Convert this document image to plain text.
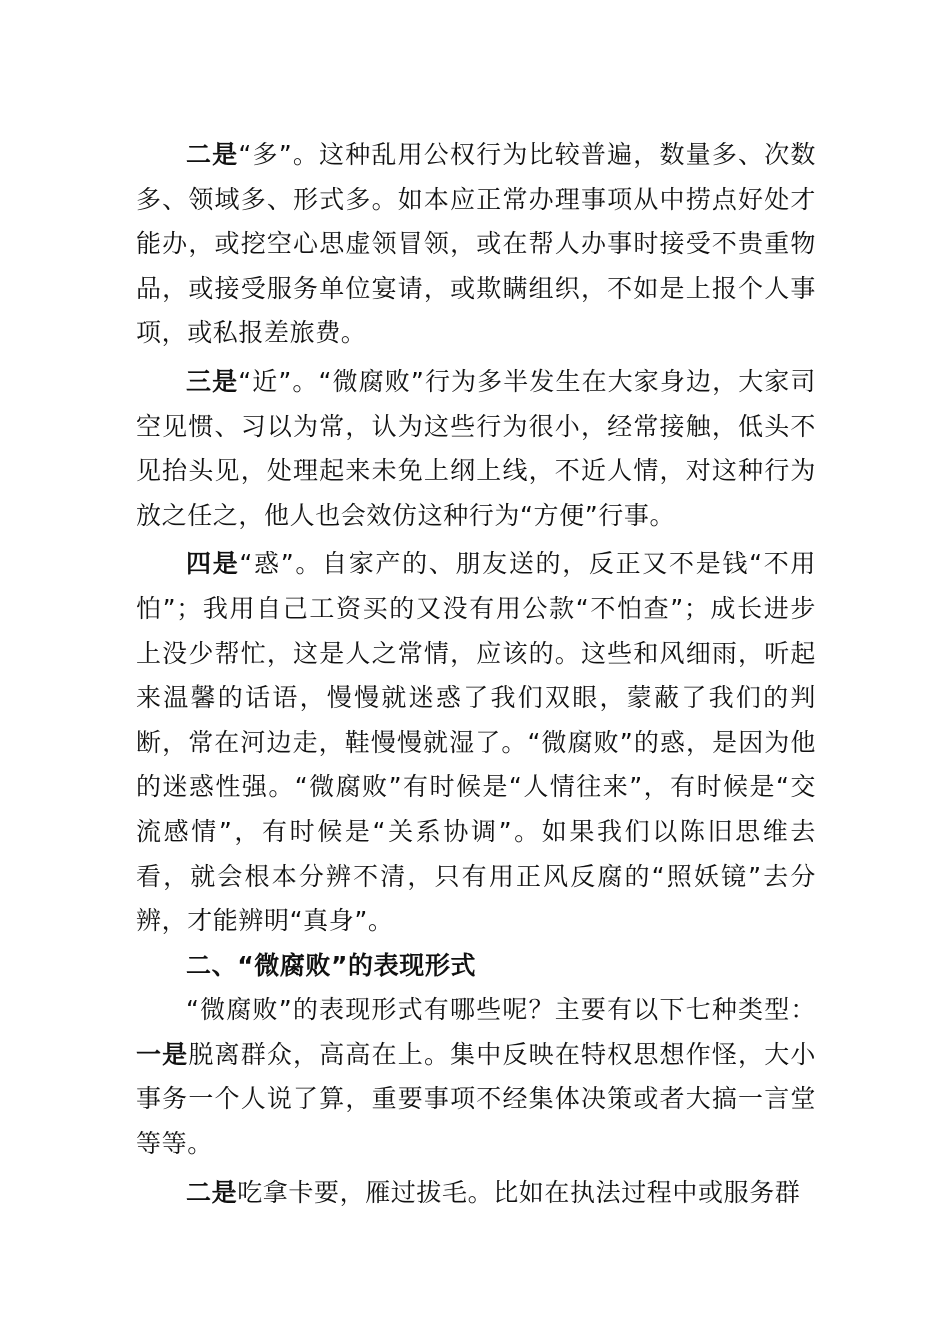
二是“多”。这种乱用公权行为比较普遍，数量多、次数多、领域多、形式多。如本应正常办理事项从中捞点好处才能办，或挖空心思虚领冒领，或在帮人办事时接受不贵重物品，或接受服务单位宴请，或欺瞒组织，不如是上报个人事项，或私报差旅费。

三是“近”。“微腐败”行为多半发生在大家身边，大家司空见惯、习以为常，认为这些行为很小，经常接触，低头不见抬头见，处理起来未免上纲上线，不近人情，对这种行为放之任之，他人也会效仿这种行为“方便”行事。

四是“惑”。自家产的、朋友送的，反正又不是钱“不用怕”；我用自己工资买的又没有用公款“不怕查”；成长进步上没少帮忙，这是人之常情，应该的。这些和风细雨，听起来温馨的话语，慢慢就迷惑了我们双眼，蒙蔽了我们的判断，常在河边走，鞋慢慢就湿了。“微腐败”的惑，是因为他的迷惑性强。“微腐败”有时候是“人情往来”，有时候是“交流感情”，有时候是“关系协调”。如果我们以陈旧思维去看，就会根本分辨不清，只有用正风反腐的“照妖镜”去分辨，才能辨明“真身”。

二、“微腐败”的表现形式

“微腐败”的表现形式有哪些呢？主要有以下七种类型：一是脱离群众，高高在上。集中反映在特权思想作怪，大小事务一个人说了算，重要事项不经集体决策或者大搞一言堂等等。

二是吃拿卡要，雁过拔毛。比如在执法过程中或服务群
